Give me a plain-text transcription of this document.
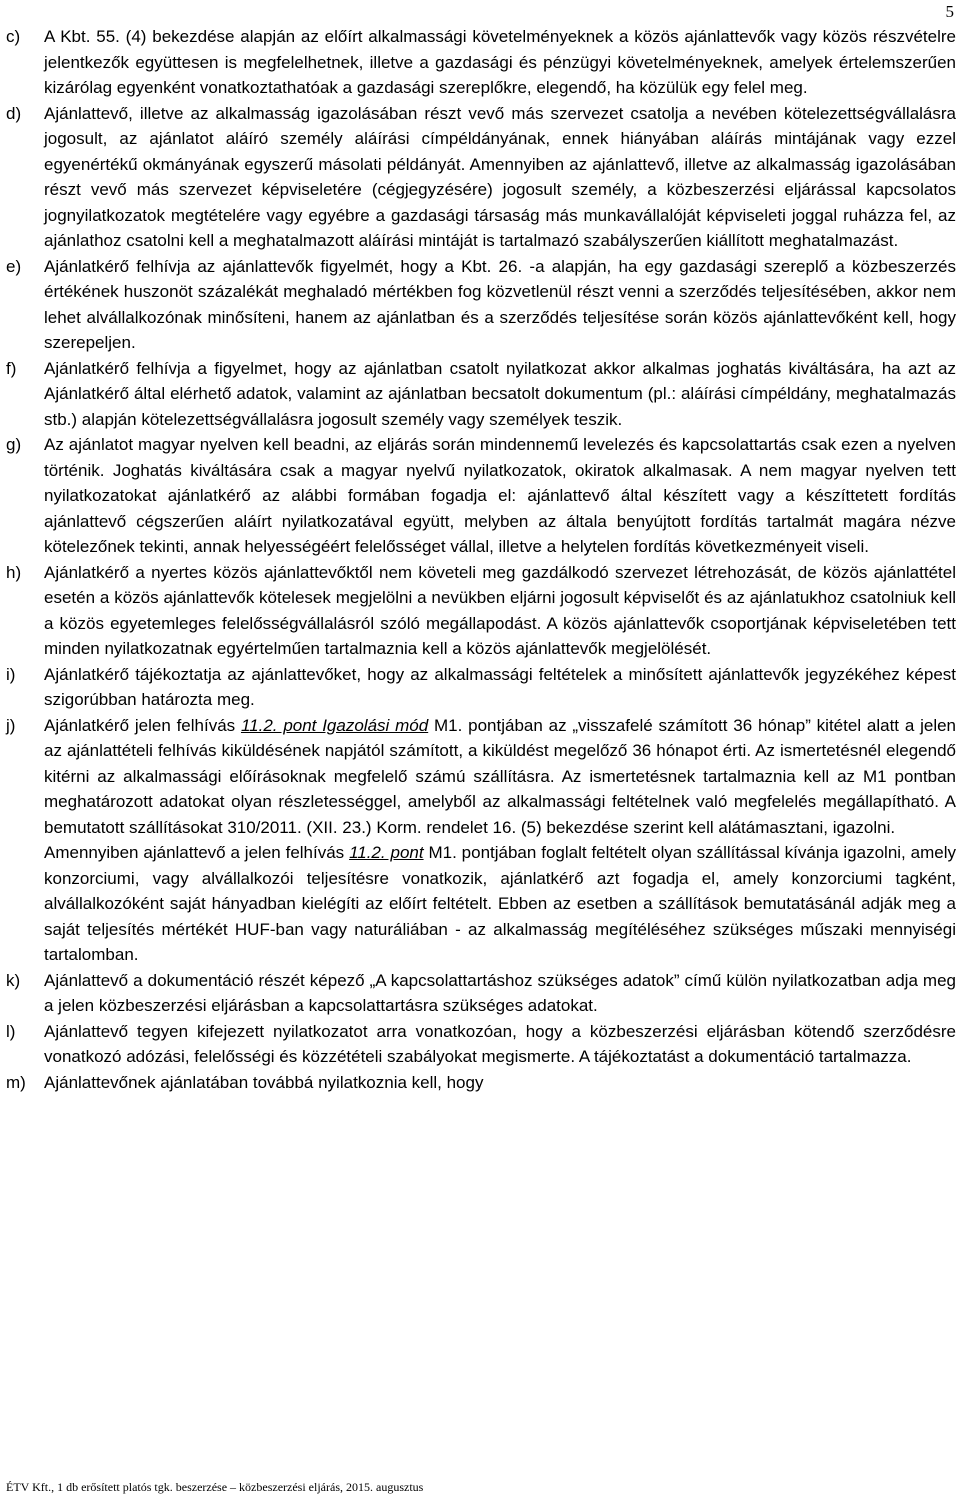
5
c)	A Kbt. 55. (4) bekezdése alapján az előírt alkalmassági követelményeknek a közös ajánlattevők vagy közös részvételre jelentkezők együttesen is megfelelhetnek, illetve a gazdasági és pénzügyi követelményeknek, amelyek értelemszerűen kizárólag egyenként vonatkoztathatóak a gazdasági szereplőkre, elegendő, ha közülük egy felel meg.
d)	Ajánlattevő, illetve az alkalmasság igazolásában részt vevő más szervezet csatolja a nevében kötelezettségvállalásra jogosult, az ajánlatot aláíró személy aláírási címpéldányának, ennek hiányában aláírás mintájának vagy ezzel egyenértékű okmányának egyszerű másolati példányát. Amennyiben az ajánlattevő, illetve az alkalmasság igazolásában részt vevő más szervezet képviseletére (cégjegyzésére) jogosult személy, a közbeszerzési eljárással kapcsolatos jognyilatkozatok megtételére vagy egyébre a gazdasági társaság más munkavállalóját képviseleti joggal ruházza fel, az ajánlathoz csatolni kell a meghatalmazott aláírási mintáját is tartalmazó szabályszerűen kiállított meghatalmazást.
e)	Ajánlatkérő felhívja az ajánlattevők figyelmét, hogy a Kbt. 26. -a alapján, ha egy gazdasági szereplő a közbeszerzés értékének huszonöt százalékát meghaladó mértékben fog közvetlenül részt venni a szerződés teljesítésében, akkor nem lehet alvállalkozónak minősíteni, hanem az ajánlatban és a szerződés teljesítése során közös ajánlattevőként kell, hogy szerepeljen.
f)	Ajánlatkérő felhívja a figyelmet, hogy az ajánlatban csatolt nyilatkozat akkor alkalmas joghatás kiváltására, ha azt az Ajánlatkérő által elérhető adatok, valamint az ajánlatban becsatolt dokumentum (pl.: aláírási címpéldány, meghatalmazás stb.) alapján kötelezettségvállalásra jogosult személy vagy személyek teszik.
g)	Az ajánlatot magyar nyelven kell beadni, az eljárás során mindennemű levelezés és kapcsolattartás csak ezen a nyelven történik. Joghatás kiváltására csak a magyar nyelvű nyilatkozatok, okiratok alkalmasak. A nem magyar nyelven tett nyilatkozatokat ajánlatkérő az alábbi formában fogadja el: ajánlattevő által készített vagy a készíttetett fordítás ajánlattevő cégszerűen aláírt nyilatkozatával együtt, melyben az általa benyújtott fordítás tartalmát magára nézve kötelezőnek tekinti, annak helyességéért felelősséget vállal, illetve a helytelen fordítás következményeit viseli.
h)	Ajánlatkérő a nyertes közös ajánlattevőktől nem követeli meg gazdálkodó szervezet létrehozását, de közös ajánlattétel esetén a közös ajánlattevők kötelesek megjelölni a nevükben eljárni jogosult képviselőt és az ajánlatukhoz csatolniuk kell a közös egyetemleges felelősségvállalásról szóló megállapodást. A közös ajánlattevők csoportjának képviseletében tett minden nyilatkozatnak egyértelműen tartalmaznia kell a közös ajánlattevők megjelölését.
i)	Ajánlatkérő tájékoztatja az ajánlattevőket, hogy az alkalmassági feltételek a minősített ajánlattevők jegyzékéhez képest szigorúbban határozta meg.
j)	Ajánlatkérő jelen felhívás 11.2. pont Igazolási mód M1. pontjában az „visszafelé számított 36 hónap” kitétel alatt a jelen az ajánlattételi felhívás kiküldésének napjától számított, a kiküldést megelőző 36 hónapot érti. Az ismertetésnél elegendő kitérni az alkalmassági előírásoknak megfelelő számú szállításra. Az ismertetésnek tartalmaznia kell az M1 pontban meghatározott adatokat olyan részletességgel, amelyből az alkalmassági feltételnek való megfelelés megállapítható. A bemutatott szállításokat 310/2011. (XII. 23.) Korm. rendelet 16. (5) bekezdése szerint kell alátámasztani, igazolni.
Amennyiben ajánlattevő a jelen felhívás 11.2. pont M1. pontjában foglalt feltételt olyan szállítással kívánja igazolni, amely konzorciumi, vagy alvállalkozói teljesítésre vonatkozik, ajánlatkérő azt fogadja el, amely konzorciumi tagként, alvállalkozóként saját hányadban kielégíti az előírt feltételt. Ebben az esetben a szállítások bemutatásánál adják meg a saját teljesítés mértékét HUF-ban vagy naturáliában - az alkalmasság megítéléséhez szükséges műszaki mennyiségi tartalomban.
k)	Ajánlattevő a dokumentáció részét képező „A kapcsolattartáshoz szükséges adatok” című külön nyilatkozatban adja meg a jelen közbeszerzési eljárásban a kapcsolattartásra szükséges adatokat.
l)	Ajánlattevő tegyen kifejezett nyilatkozatot arra vonatkozóan, hogy a közbeszerzési eljárásban kötendő szerződésre vonatkozó adózási, felelősségi és közzétételi szabályokat megismerte. A tájékoztatást a dokumentáció tartalmazza.
m)	Ajánlattevőnek ajánlatában továbbá nyilatkoznia kell, hogy
ÉTV Kft., 1 db erősített platós tgk. beszerzése – közbeszerzési eljárás, 2015. augusztus
